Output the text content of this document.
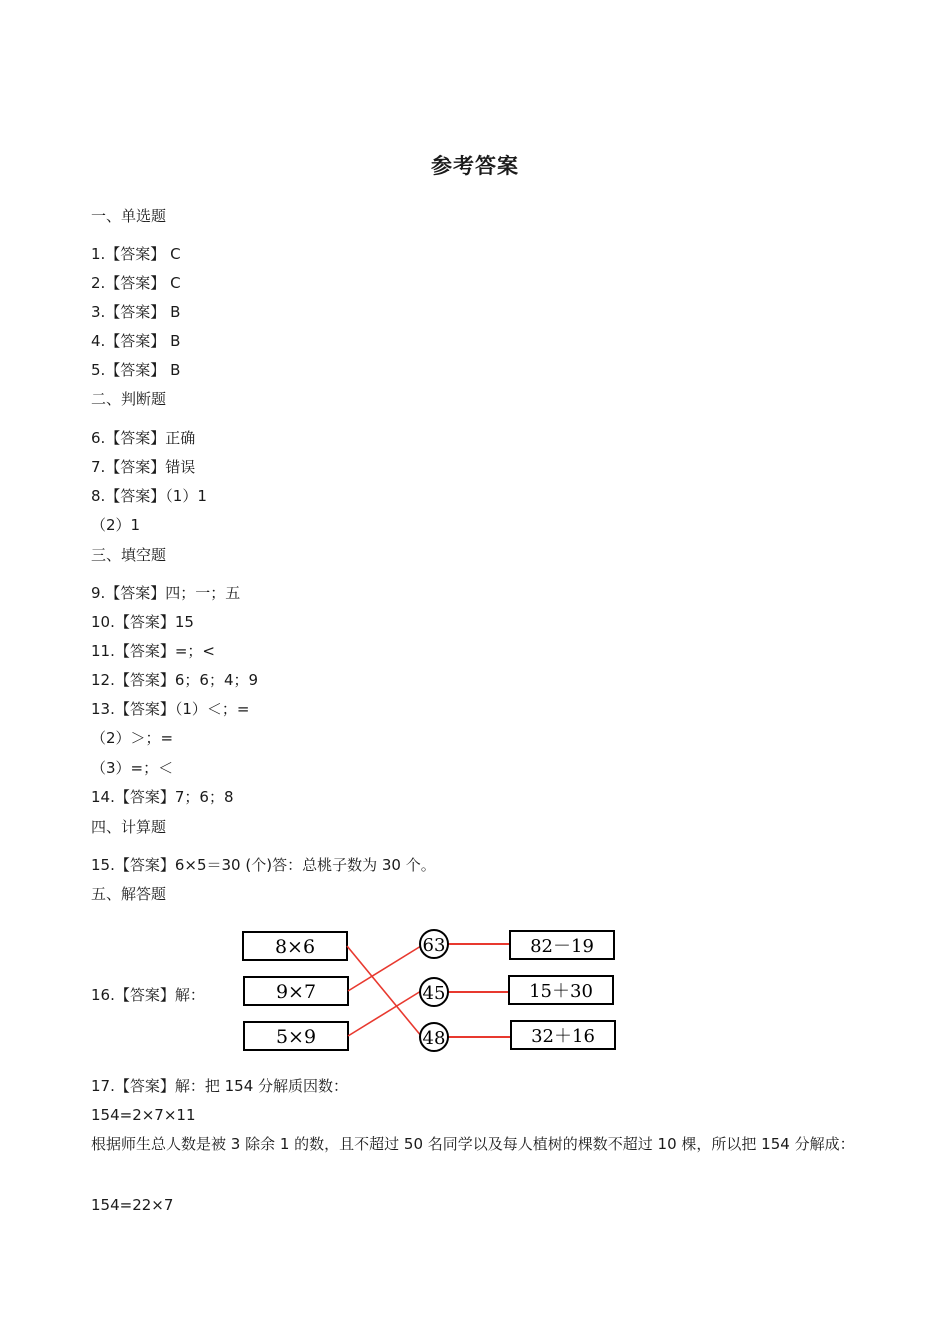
参考答案
一、单选题
1.【答案】 C
2.【答案】 C
3.【答案】 B
4.【答案】 B
5.【答案】 B
二、判断题
6.【答案】正确
7.【答案】错误
8.【答案】（1）1
（2）1
三、填空题
9.【答案】四；一；五
10.【答案】15
11.【答案】=；<
12.【答案】6；6；4；9
13.【答案】（1）＜；=
（2）＞；=
（3）=；＜
14.【答案】7；6；8
四、计算题
15.【答案】6×5＝30 (个)答：总桃子数为 30 个。
五、解答题
16.【答案】解：
8×6
9×7
5×9
63
45
48
82－19
15＋30
32＋16
17.【答案】解：把 154 分解质因数：
154=2×7×11
根据师生总人数是被 3 除余 1 的数，且不超过 50 名同学以及每人植树的棵数不超过 10 棵，所以把 154 分解成：
154=22×7
